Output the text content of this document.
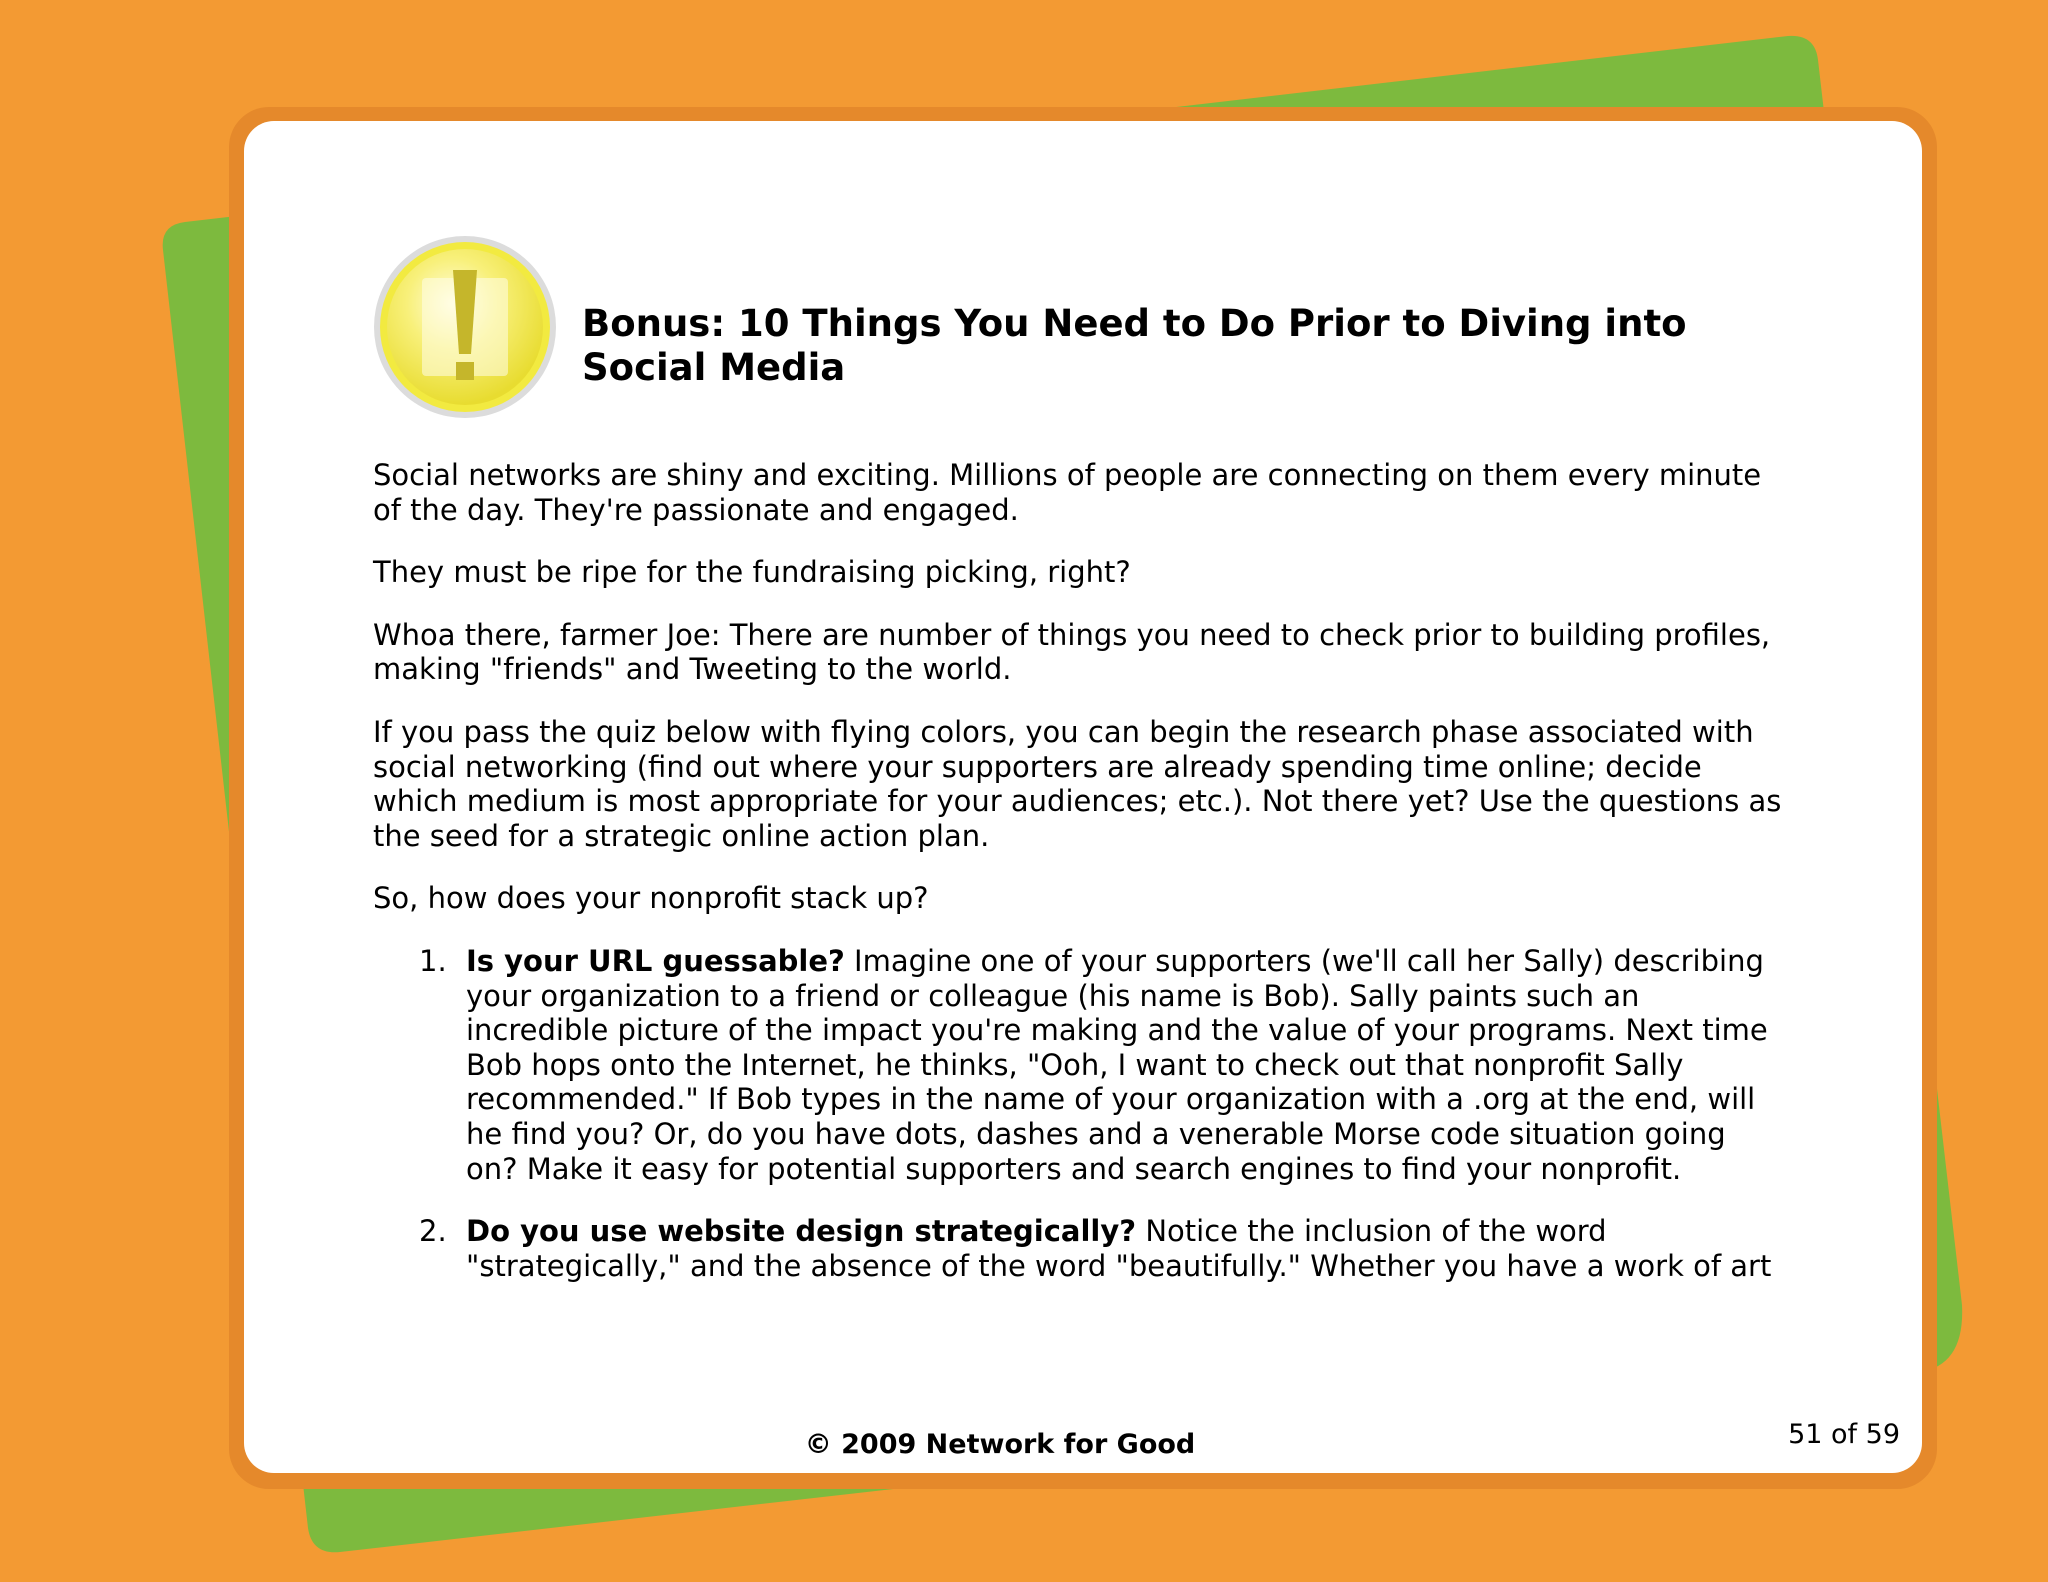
Bonus: 10 Things You Need to Do Prior to Diving into Social Media

Social networks are shiny and exciting. Millions of people are connecting on them every minute of the day. They're passionate and engaged.

They must be ripe for the fundraising picking, right?

Whoa there, farmer Joe: There are number of things you need to check prior to building profiles, making "friends" and Tweeting to the world.

If you pass the quiz below with flying colors, you can begin the research phase associated with social networking (find out where your supporters are already spending time online; decide which medium is most appropriate for your audiences; etc.). Not there yet? Use the questions as the seed for a strategic online action plan.

So, how does your nonprofit stack up?

1. Is your URL guessable? Imagine one of your supporters (we'll call her Sally) describing your organization to a friend or colleague (his name is Bob). Sally paints such an incredible picture of the impact you're making and the value of your programs. Next time Bob hops onto the Internet, he thinks, "Ooh, I want to check out that nonprofit Sally recommended." If Bob types in the name of your organization with a .org at the end, will he find you? Or, do you have dots, dashes and a venerable Morse code situation going on? Make it easy for potential supporters and search engines to find your nonprofit.
2. Do you use website design strategically? Notice the inclusion of the word "strategically," and the absence of the word "beautifully." Whether you have a work of art
© 2009 Network for Good	51 of 59
